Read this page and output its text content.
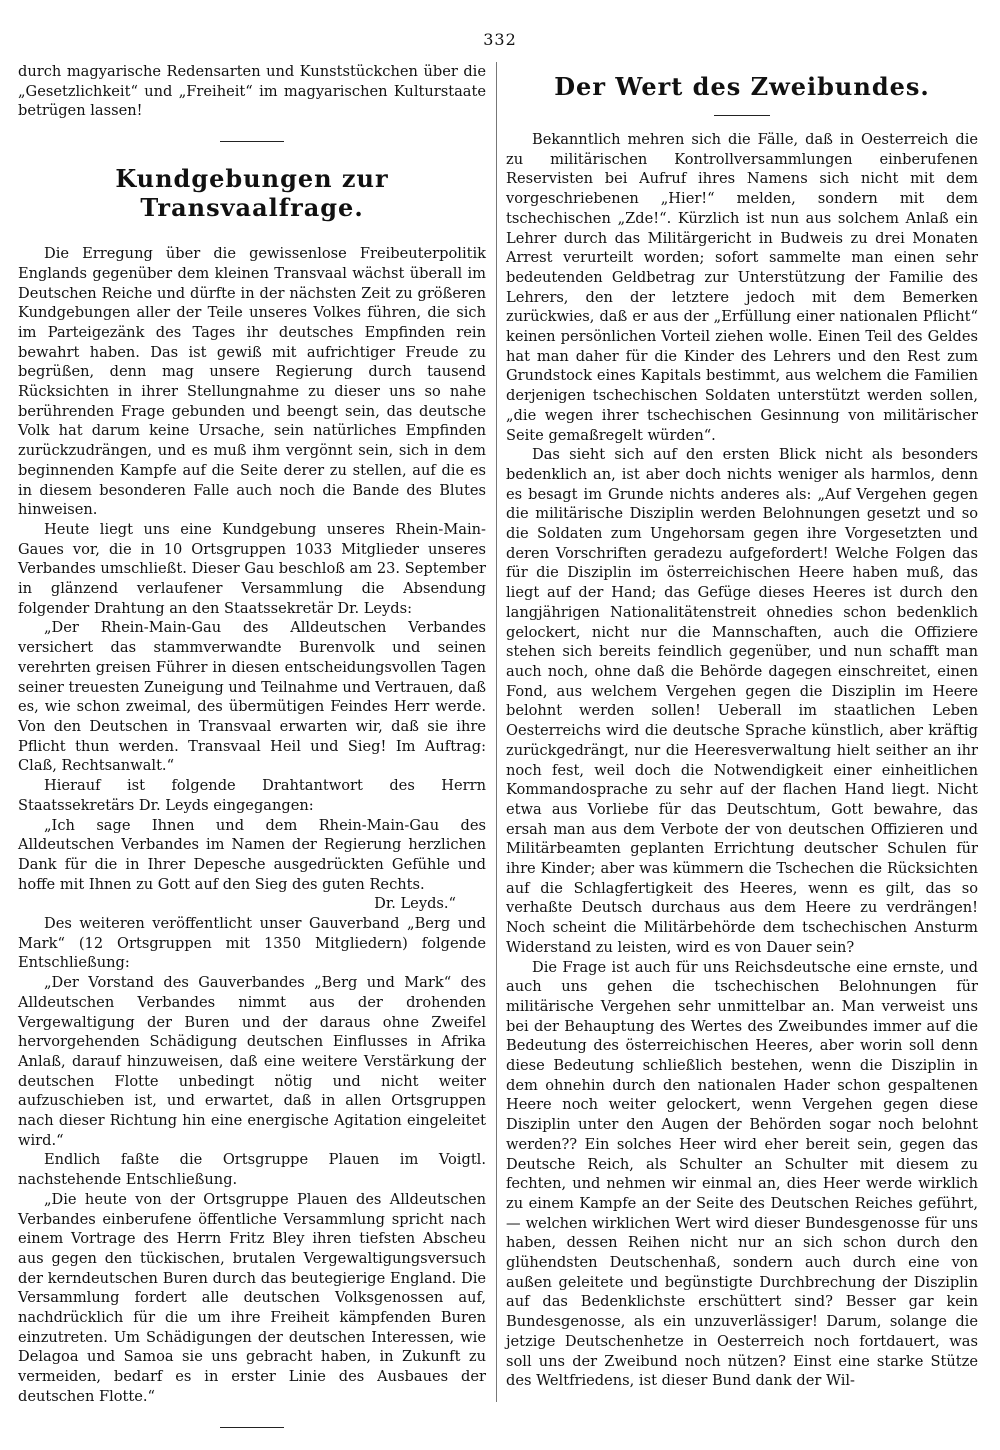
332

durch magyarische Redensarten und Kunststückchen über die „Gesetzlichkeit“ und „Freiheit“ im magyarischen Kulturstaate betrügen lassen!

Kundgebungen zur Transvaalfrage.

Die Erregung über die gewissenlose Freibeuterpolitik Englands gegenüber dem kleinen Transvaal wächst überall im Deutschen Reiche und dürfte in der nächsten Zeit zu größeren Kundgebungen aller der Teile unseres Volkes führen, die sich im Parteigezänk des Tages ihr deutsches Empfinden rein bewahrt haben. Das ist gewiß mit aufrichtiger Freude zu begrüßen, denn mag unsere Regierung durch tausend Rücksichten in ihrer Stellungnahme zu dieser uns so nahe berührenden Frage gebunden und beengt sein, das deutsche Volk hat darum keine Ursache, sein natürliches Empfinden zurückzudrängen, und es muß ihm vergönnt sein, sich in dem beginnenden Kampfe auf die Seite derer zu stellen, auf die es in diesem besonderen Falle auch noch die Bande des Blutes hinweisen.

Heute liegt uns eine Kundgebung unseres Rhein-Main-Gaues vor, die in 10 Ortsgruppen 1033 Mitglieder unseres Verbandes umschließt. Dieser Gau beschloß am 23. September in glänzend verlaufener Versammlung die Absendung folgender Drahtung an den Staatssekretär Dr. Leyds:

„Der Rhein-Main-Gau des Alldeutschen Verbandes versichert das stammverwandte Burenvolk und seinen verehrten greisen Führer in diesen entscheidungsvollen Tagen seiner treuesten Zuneigung und Teilnahme und Vertrauen, daß es, wie schon zweimal, des übermütigen Feindes Herr werde. Von den Deutschen in Transvaal erwarten wir, daß sie ihre Pflicht thun werden. Transvaal Heil und Sieg! Im Auftrag: Claß, Rechtsanwalt.“

Hierauf ist folgende Drahtantwort des Herrn Staatssekretärs Dr. Leyds eingegangen:

„Ich sage Ihnen und dem Rhein-Main-Gau des Alldeutschen Verbandes im Namen der Regierung herzlichen Dank für die in Ihrer Depesche ausgedrückten Gefühle und hoffe mit Ihnen zu Gott auf den Sieg des guten Rechts.

Dr. Leyds.“

Des weiteren veröffentlicht unser Gauverband „Berg und Mark“ (12 Ortsgruppen mit 1350 Mitgliedern) folgende Entschließung:

„Der Vorstand des Gauverbandes „Berg und Mark“ des Alldeutschen Verbandes nimmt aus der drohenden Vergewaltigung der Buren und der daraus ohne Zweifel hervorgehenden Schädigung deutschen Einflusses in Afrika Anlaß, darauf hinzuweisen, daß eine weitere Verstärkung der deutschen Flotte unbedingt nötig und nicht weiter aufzuschieben ist, und erwartet, daß in allen Ortsgruppen nach dieser Richtung hin eine energische Agitation eingeleitet wird.“

Endlich faßte die Ortsgruppe Plauen im Voigtl. nachstehende Entschließung.

„Die heute von der Ortsgruppe Plauen des Alldeutschen Verbandes einberufene öffentliche Versammlung spricht nach einem Vortrage des Herrn Fritz Bley ihren tiefsten Abscheu aus gegen den tückischen, brutalen Vergewaltigungsversuch der kerndeutschen Buren durch das beutegierige England. Die Versammlung fordert alle deutschen Volksgenossen auf, nachdrücklich für die um ihre Freiheit kämpfenden Buren einzutreten. Um Schädigungen der deutschen Interessen, wie Delagoa und Samoa sie uns gebracht haben, in Zukunft zu vermeiden, bedarf es in erster Linie des Ausbaues der deutschen Flotte.“

Der Wert des Zweibundes.

Bekanntlich mehren sich die Fälle, daß in Oesterreich die zu militärischen Kontrollversammlungen einberufenen Reservisten bei Aufruf ihres Namens sich nicht mit dem vorgeschriebenen „Hier!“ melden, sondern mit dem tschechischen „Zde!“. Kürzlich ist nun aus solchem Anlaß ein Lehrer durch das Militärgericht in Budweis zu drei Monaten Arrest verurteilt worden; sofort sammelte man einen sehr bedeutenden Geldbetrag zur Unterstützung der Familie des Lehrers, den der letztere jedoch mit dem Bemerken zurückwies, daß er aus der „Erfüllung einer nationalen Pflicht“ keinen persönlichen Vorteil ziehen wolle. Einen Teil des Geldes hat man daher für die Kinder des Lehrers und den Rest zum Grundstock eines Kapitals bestimmt, aus welchem die Familien derjenigen tschechischen Soldaten unterstützt werden sollen, „die wegen ihrer tschechischen Gesinnung von militärischer Seite gemaßregelt würden“.

Das sieht sich auf den ersten Blick nicht als besonders bedenklich an, ist aber doch nichts weniger als harmlos, denn es besagt im Grunde nichts anderes als: „Auf Vergehen gegen die militärische Disziplin werden Belohnungen gesetzt und so die Soldaten zum Ungehorsam gegen ihre Vorgesetzten und deren Vorschriften geradezu aufgefordert! Welche Folgen das für die Disziplin im österreichischen Heere haben muß, das liegt auf der Hand; das Gefüge dieses Heeres ist durch den langjährigen Nationalitätenstreit ohnedies schon bedenklich gelockert, nicht nur die Mannschaften, auch die Offiziere stehen sich bereits feindlich gegenüber, und nun schafft man auch noch, ohne daß die Behörde dagegen einschreitet, einen Fond, aus welchem Vergehen gegen die Disziplin im Heere belohnt werden sollen! Ueberall im staatlichen Leben Oesterreichs wird die deutsche Sprache künstlich, aber kräftig zurückgedrängt, nur die Heeresverwaltung hielt seither an ihr noch fest, weil doch die Notwendigkeit einer einheitlichen Kommandosprache zu sehr auf der flachen Hand liegt. Nicht etwa aus Vorliebe für das Deutschtum, Gott bewahre, das ersah man aus dem Verbote der von deutschen Offizieren und Militärbeamten geplanten Errichtung deutscher Schulen für ihre Kinder; aber was kümmern die Tschechen die Rücksichten auf die Schlagfertigkeit des Heeres, wenn es gilt, das so verhaßte Deutsch durchaus aus dem Heere zu verdrängen! Noch scheint die Militärbehörde dem tschechischen Ansturm Widerstand zu leisten, wird es von Dauer sein?

Die Frage ist auch für uns Reichsdeutsche eine ernste, und auch uns gehen die tschechischen Belohnungen für militärische Vergehen sehr unmittelbar an. Man verweist uns bei der Behauptung des Wertes des Zweibundes immer auf die Bedeutung des österreichischen Heeres, aber worin soll denn diese Bedeutung schließlich bestehen, wenn die Disziplin in dem ohnehin durch den nationalen Hader schon gespaltenen Heere noch weiter gelockert, wenn Vergehen gegen diese Disziplin unter den Augen der Behörden sogar noch belohnt werden?? Ein solches Heer wird eher bereit sein, gegen das Deutsche Reich, als Schulter an Schulter mit diesem zu fechten, und nehmen wir einmal an, dies Heer werde wirklich zu einem Kampfe an der Seite des Deutschen Reiches geführt, — welchen wirklichen Wert wird dieser Bundesgenosse für uns haben, dessen Reihen nicht nur an sich schon durch den glühendsten Deutschenhaß, sondern auch durch eine von außen geleitete und begünstigte Durchbrechung der Disziplin auf das Bedenklichste erschüttert sind? Besser gar kein Bundesgenosse, als ein unzuverlässiger! Darum, solange die jetzige Deutschenhetze in Oesterreich noch fortdauert, was soll uns der Zweibund noch nützen? Einst eine starke Stütze des Weltfriedens, ist dieser Bund dank der Wil-
